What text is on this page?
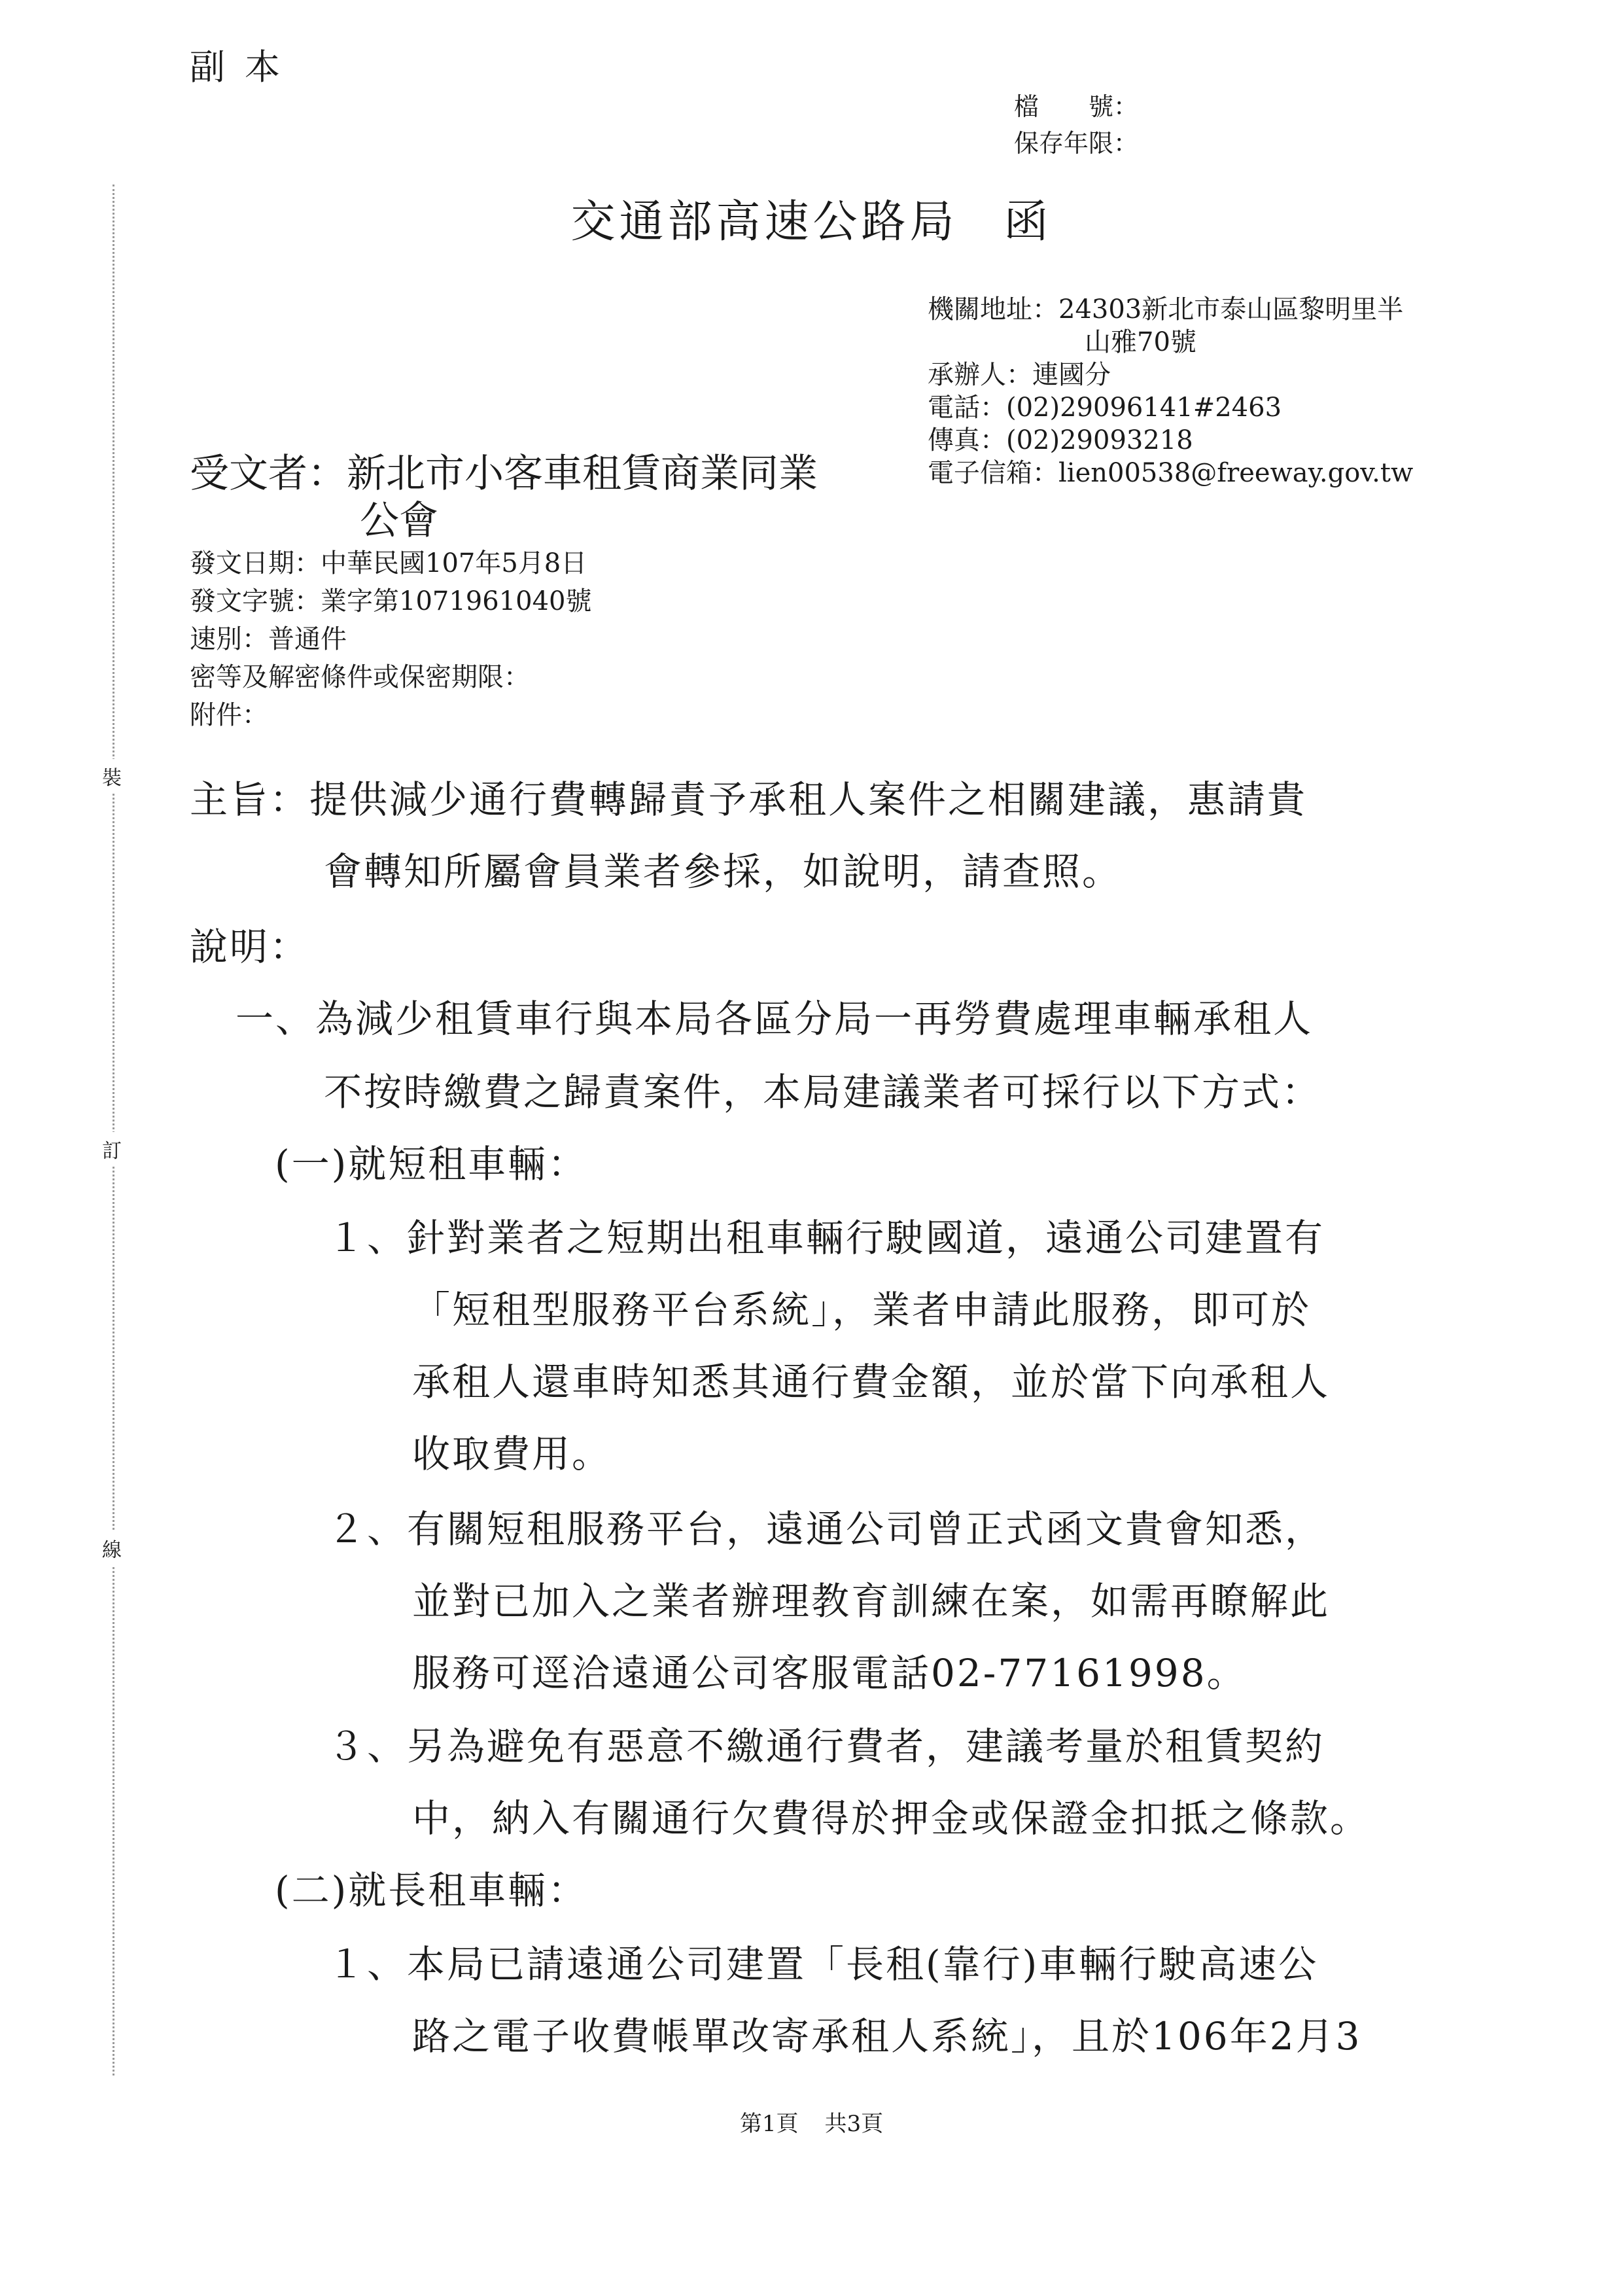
裝
訂
線
副本
檔　　號：
保存年限：
交通部高速公路局 函
機關地址：24303新北市泰山區黎明里半
山雅70號
承辦人：連國分
電話：(02)29096141#2463
傳真：(02)29093218
電子信箱：lien00538@freeway.gov.tw
受文者：新北市小客車租賃商業同業
公會
發文日期：中華民國107年5月8日
發文字號：業字第1071961040號
速別：普通件
密等及解密條件或保密期限：
附件：
主旨：提供減少通行費轉歸責予承租人案件之相關建議，惠請貴
會轉知所屬會員業者參採，如說明，請查照。
說明：
一、為減少租賃車行與本局各區分局一再勞費處理車輛承租人
不按時繳費之歸責案件，本局建議業者可採行以下方式：
(一)就短租車輛：
１、針對業者之短期出租車輛行駛國道，遠通公司建置有
「短租型服務平台系統」，業者申請此服務，即可於
承租人還車時知悉其通行費金額，並於當下向承租人
收取費用。
２、有關短租服務平台，遠通公司曾正式函文貴會知悉，
並對已加入之業者辦理教育訓練在案，如需再瞭解此
服務可逕洽遠通公司客服電話02-77161998。
３、另為避免有惡意不繳通行費者，建議考量於租賃契約
中，納入有關通行欠費得於押金或保證金扣抵之條款。
(二)就長租車輛：
１、本局已請遠通公司建置「長租(靠行)車輛行駛高速公
路之電子收費帳單改寄承租人系統」，且於106年2月3
第1頁 共3頁
